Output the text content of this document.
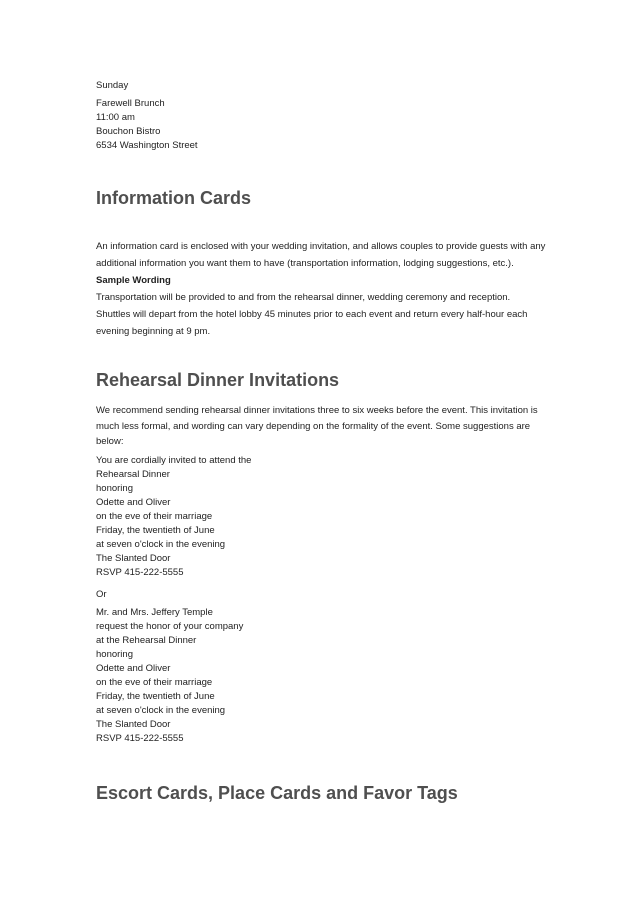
Sunday
Farewell Brunch
11:00 am
Bouchon Bistro
6534 Washington Street
Information Cards

An information card is enclosed with your wedding invitation, and allows couples to provide guests with any additional information you want them to have (transportation information, lodging suggestions, etc.).

Sample Wording

Transportation will be provided to and from the rehearsal dinner, wedding ceremony and reception. Shuttles will depart from the hotel lobby 45 minutes prior to each event and return every half-hour each evening beginning at 9 pm.

Rehearsal Dinner Invitations

We recommend sending rehearsal dinner invitations three to six weeks before the event. This invitation is much less formal, and wording can vary depending on the formality of the event. Some suggestions are below:

You are cordially invited to attend the
Rehearsal Dinner
honoring
Odette and Oliver
on the eve of their marriage
Friday, the twentieth of June
at seven o'clock in the evening
The Slanted Door
RSVP 415-222-5555
Or
Mr. and Mrs. Jeffery Temple
request the honor of your company
at the Rehearsal Dinner
honoring
Odette and Oliver
on the eve of their marriage
Friday, the twentieth of June
at seven o'clock in the evening
The Slanted Door
RSVP 415-222-5555
Escort Cards, Place Cards and Favor Tags
